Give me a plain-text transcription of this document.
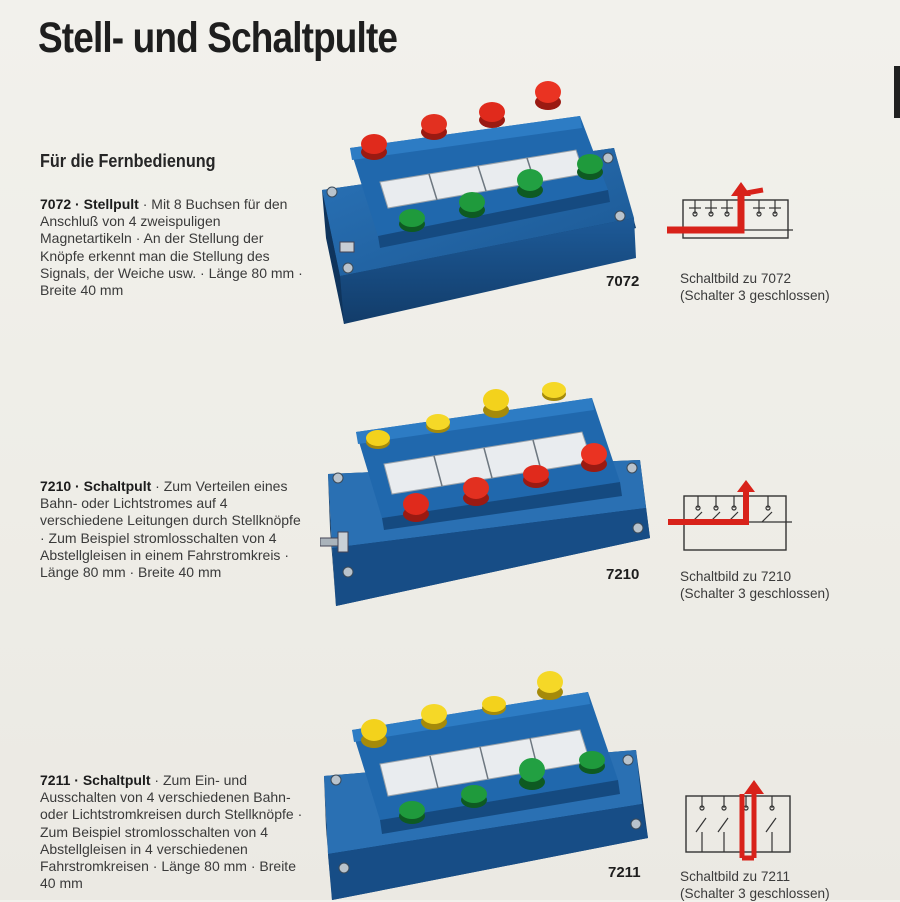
Stell- und Schaltpulte
Für die Fernbedienung

7072 · Stellpult · Mit 8 Buchsen für den Anschluß von 4 zweispuligen Magnetartikeln · An der Stellung der Knöpfe erkennt man die Stellung des Signals, der Weiche usw. · Länge 80 mm · Breite 40 mm

7072	Schaltbild zu 7072
(Schalter 3 geschlossen)

7210 · Schaltpult · Zum Verteilen eines Bahn- oder Lichtstromes auf 4 verschiedene Leitungen durch Stellknöpfe · Zum Beispiel stromlosschalten von 4 Abstellgleisen in einem Fahrstromkreis · Länge 80 mm · Breite 40 mm	7210	Schaltbild zu 7210
(Schalter 3 geschlossen)

7211 · Schaltpult · Zum Ein- und Ausschalten von 4 verschiedenen Bahn- oder Lichtstromkreisen durch Stellknöpfe · Zum Beispiel stromlosschalten von 4 Abstellgleisen in 4 verschiedenen Fahrstromkreisen · Länge 80 mm · Breite 40 mm

7211	Schaltbild zu 7211
(Schalter 3 geschlossen)
